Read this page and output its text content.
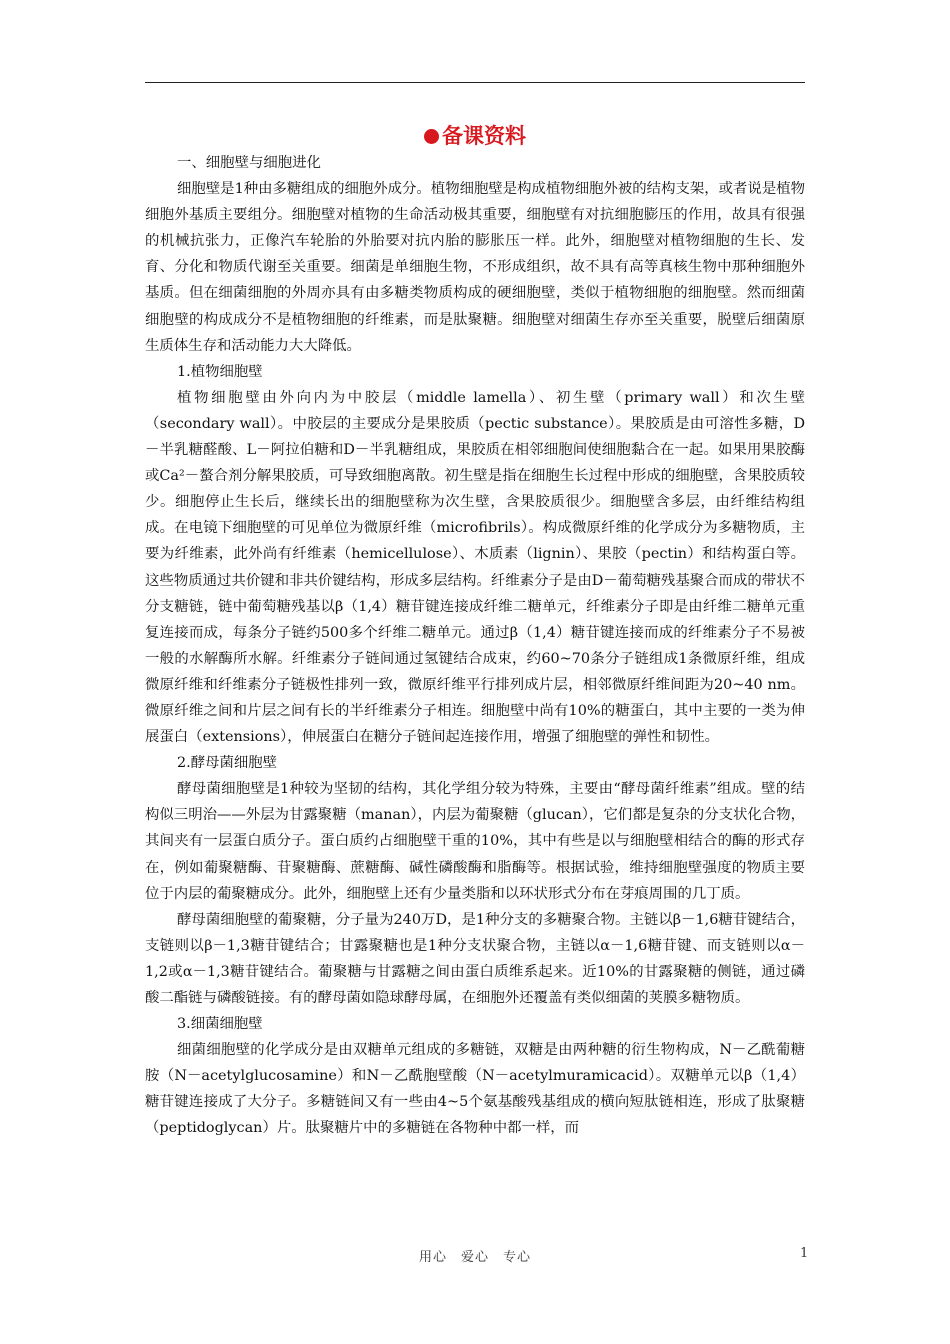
备课资料

一、细胞壁与细胞进化

细胞壁是1种由多糖组成的细胞外成分。植物细胞壁是构成植物细胞外被的结构支架，或者说是植物细胞外基质主要组分。细胞壁对植物的生命活动极其重要，细胞壁有对抗细胞膨压的作用，故具有很强的机械抗张力，正像汽车轮胎的外胎要对抗内胎的膨胀压一样。此外，细胞壁对植物细胞的生长、发育、分化和物质代谢至关重要。细菌是单细胞生物，不形成组织，故不具有高等真核生物中那种细胞外基质。但在细菌细胞的外周亦具有由多糖类物质构成的硬细胞壁，类似于植物细胞的细胞壁。然而细菌细胞壁的构成成分不是植物细胞的纤维素，而是肽聚糖。细胞壁对细菌生存亦至关重要，脱壁后细菌原生质体生存和活动能力大大降低。

1.植物细胞壁

植物细胞壁由外向内为中胶层（middle lamella）、初生壁（primary wall）和次生壁（secondary wall）。中胶层的主要成分是果胶质（pectic substance）。果胶质是由可溶性多糖，D－半乳糖醛酸、L－阿拉伯糖和D－半乳糖组成，果胶质在相邻细胞间使细胞黏合在一起。如果用果胶酶或Ca²－螯合剂分解果胶质，可导致细胞离散。初生壁是指在细胞生长过程中形成的细胞壁，含果胶质较少。细胞停止生长后，继续长出的细胞壁称为次生壁，含果胶质很少。细胞壁含多层，由纤维结构组成。在电镜下细胞壁的可见单位为微原纤维（microfibrils）。构成微原纤维的化学成分为多糖物质，主要为纤维素，此外尚有纤维素（hemicellulose）、木质素（lignin）、果胶（pectin）和结构蛋白等。这些物质通过共价键和非共价键结构，形成多层结构。纤维素分子是由D－葡萄糖残基聚合而成的带状不分支糖链，链中葡萄糖残基以β（1,4）糖苷键连接成纤维二糖单元，纤维素分子即是由纤维二糖单元重复连接而成，每条分子链约500多个纤维二糖单元。通过β（1,4）糖苷键连接而成的纤维素分子不易被一般的水解酶所水解。纤维素分子链间通过氢键结合成束，约60~70条分子链组成1条微原纤维，组成微原纤维和纤维素分子链极性排列一致，微原纤维平行排列成片层，相邻微原纤维间距为20~40 nm。微原纤维之间和片层之间有长的半纤维素分子相连。细胞壁中尚有10%的糖蛋白，其中主要的一类为伸展蛋白（extensions），伸展蛋白在糖分子链间起连接作用，增强了细胞壁的弹性和韧性。

2.酵母菌细胞壁

酵母菌细胞壁是1种较为坚韧的结构，其化学组分较为特殊，主要由“酵母菌纤维素”组成。壁的结构似三明治——外层为甘露聚糖（manan），内层为葡聚糖（glucan），它们都是复杂的分支状化合物，其间夹有一层蛋白质分子。蛋白质约占细胞壁干重的10%，其中有些是以与细胞壁相结合的酶的形式存在，例如葡聚糖酶、苷聚糖酶、蔗糖酶、碱性磷酸酶和脂酶等。根据试验，维持细胞壁强度的物质主要位于内层的葡聚糖成分。此外，细胞壁上还有少量类脂和以环状形式分布在芽痕周围的几丁质。

酵母菌细胞壁的葡聚糖，分子量为240万D，是1种分支的多糖聚合物。主链以β－1,6糖苷键结合，支链则以β－1,3糖苷键结合；甘露聚糖也是1种分支状聚合物，主链以α－1,6糖苷键、而支链则以α－1,2或α－1,3糖苷键结合。葡聚糖与甘露糖之间由蛋白质维系起来。近10%的甘露聚糖的侧链，通过磷酸二酯链与磷酸链接。有的酵母菌如隐球酵母属，在细胞外还覆盖有类似细菌的荚膜多糖物质。

3.细菌细胞壁

细菌细胞壁的化学成分是由双糖单元组成的多糖链，双糖是由两种糖的衍生物构成，N－乙酰葡糖胺（N－acetylglucosamine）和N－乙酰胞壁酸（N－acetylmuramicacid）。双糖单元以β（1,4）糖苷键连接成了大分子。多糖链间又有一些由4~5个氨基酸残基组成的横向短肽链相连，形成了肽聚糖（peptidoglycan）片。肽聚糖片中的多糖链在各物种中都一样，而

用心　爱心　专心	1
